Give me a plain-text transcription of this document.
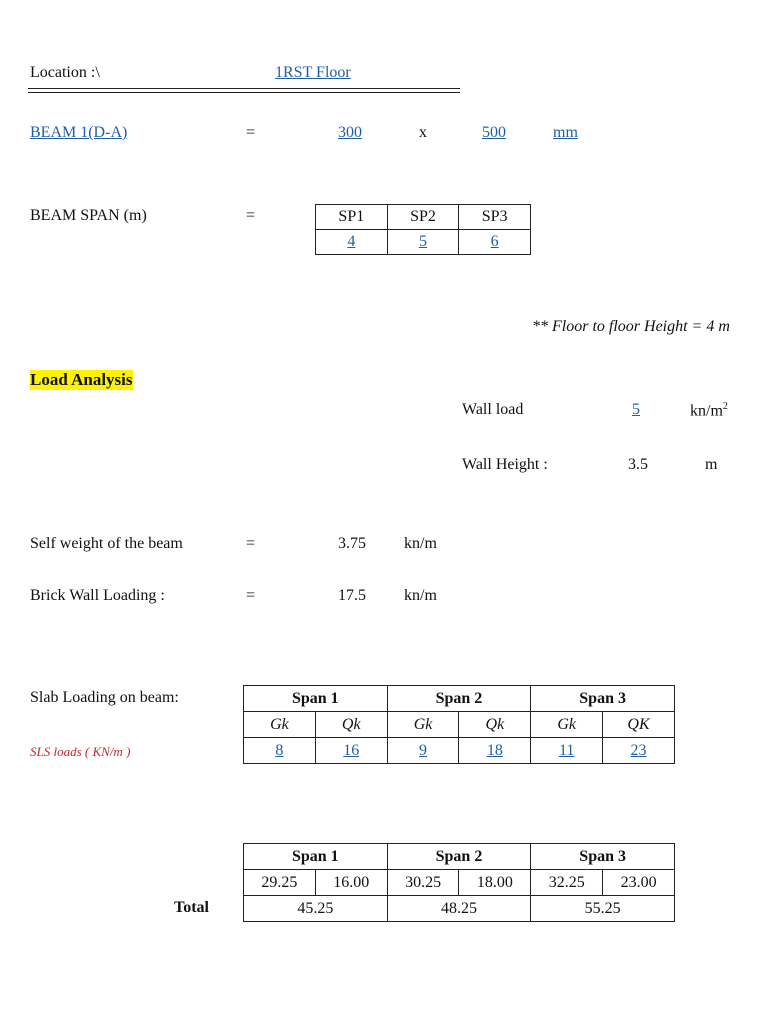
Location :\	1RST Floor
BEAM 1(D-A)	=	300	x	500	mm
BEAM SPAN (m)	=	SP1	SP2	SP3
4	5	6
** Floor to floor Height = 4 m
Load Analysis
Wall load	5	$kn/m^2$
Wall Height :	3.5	m
Self weight of the beam	=	3.75 kn/m
Brick Wall Loading :	=	17.5 kn/m
Slab Loading on beam:
SLS loads ( KN/m )
Span 1		Span 2		Span 3	
Gk	Qk	Gk	Qk	Gk	QK
8	16	9	18	11	23
Total
Span 1		Span 2		Span 3	
29.25	16.00	30.25	18.00	32.25	23.00
45.25		48.25		55.25	
